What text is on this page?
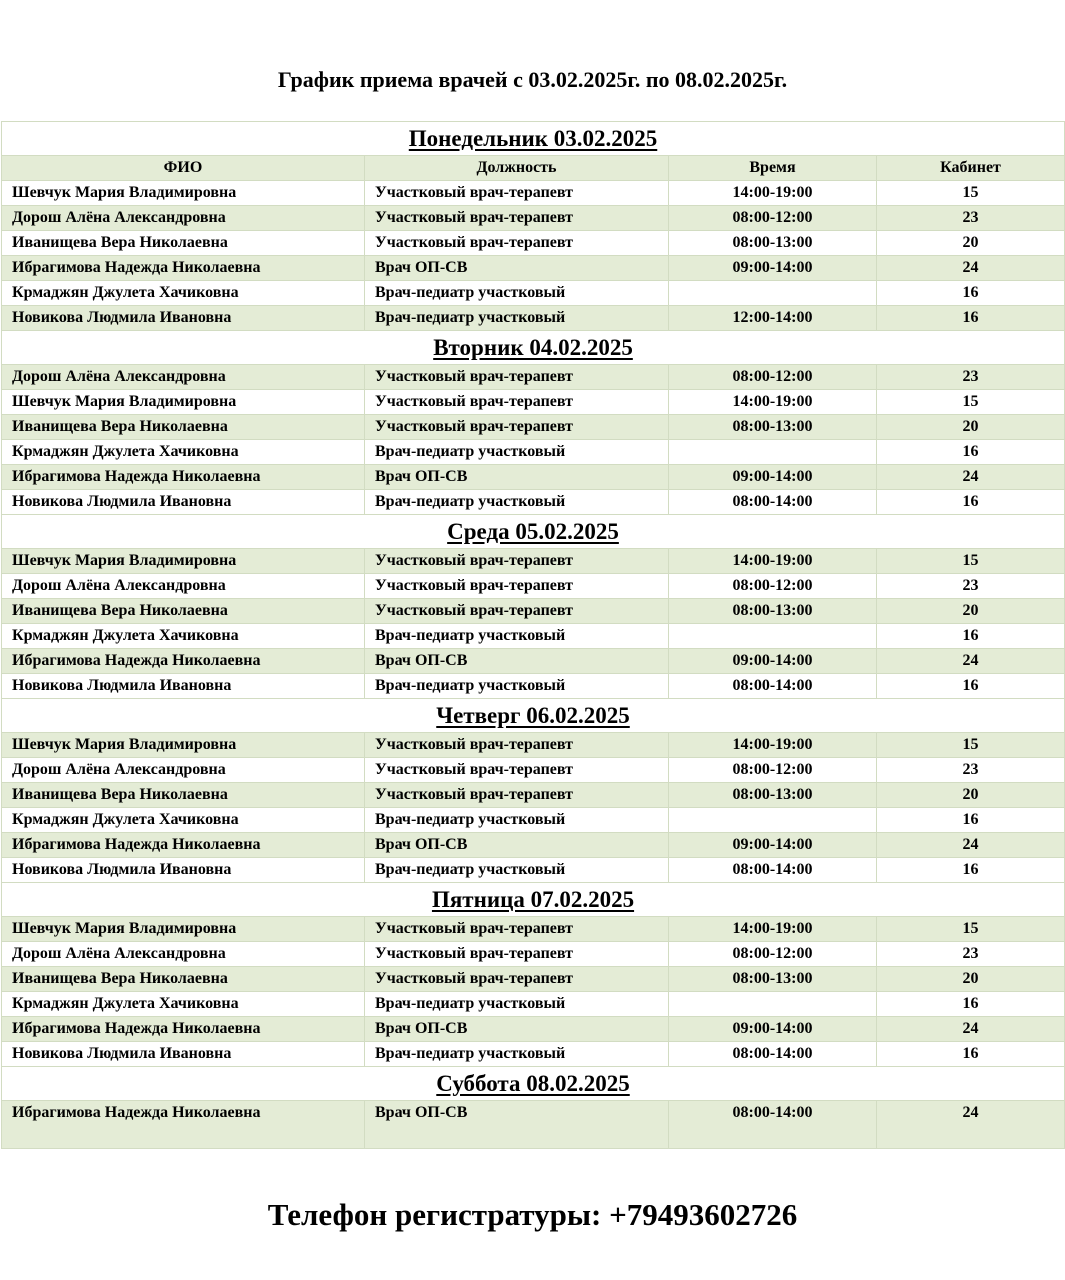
График приема врачей с 03.02.2025г. по 08.02.2025г.
Понедельник 03.02.2025			
ФИО	Должность	Время	Кабинет
Шевчук Мария Владимировна	Участковый врач-терапевт	14:00-19:00	15
Дорош Алёна Александровна	Участковый врач-терапевт	08:00-12:00	23
Иванищева Вера Николаевна	Участковый врач-терапевт	08:00-13:00	20
Ибрагимова Надежда Николаевна	Врач ОП-СВ	09:00-14:00	24
Крмаджян Джулета Хачиковна	Врач-педиатр участковый		16
Новикова Людмила Ивановна	Врач-педиатр участковый	12:00-14:00	16
Вторник 04.02.2025			
Дорош Алёна Александровна	Участковый врач-терапевт	08:00-12:00	23
Шевчук Мария Владимировна	Участковый врач-терапевт	14:00-19:00	15
Иванищева Вера Николаевна	Участковый врач-терапевт	08:00-13:00	20
Крмаджян Джулета Хачиковна	Врач-педиатр участковый		16
Ибрагимова Надежда Николаевна	Врач ОП-СВ	09:00-14:00	24
Новикова Людмила Ивановна	Врач-педиатр участковый	08:00-14:00	16
Среда 05.02.2025			
Шевчук Мария Владимировна	Участковый врач-терапевт	14:00-19:00	15
Дорош Алёна Александровна	Участковый врач-терапевт	08:00-12:00	23
Иванищева Вера Николаевна	Участковый врач-терапевт	08:00-13:00	20
Крмаджян Джулета Хачиковна	Врач-педиатр участковый		16
Ибрагимова Надежда Николаевна	Врач ОП-СВ	09:00-14:00	24
Новикова Людмила Ивановна	Врач-педиатр участковый	08:00-14:00	16
Четверг 06.02.2025			
Шевчук Мария Владимировна	Участковый врач-терапевт	14:00-19:00	15
Дорош Алёна Александровна	Участковый врач-терапевт	08:00-12:00	23
Иванищева Вера Николаевна	Участковый врач-терапевт	08:00-13:00	20
Крмаджян Джулета Хачиковна	Врач-педиатр участковый		16
Ибрагимова Надежда Николаевна	Врач ОП-СВ	09:00-14:00	24
Новикова Людмила Ивановна	Врач-педиатр участковый	08:00-14:00	16
Пятница 07.02.2025			
Шевчук Мария Владимировна	Участковый врач-терапевт	14:00-19:00	15
Дорош Алёна Александровна	Участковый врач-терапевт	08:00-12:00	23
Иванищева Вера Николаевна	Участковый врач-терапевт	08:00-13:00	20
Крмаджян Джулета Хачиковна	Врач-педиатр участковый		16
Ибрагимова Надежда Николаевна	Врач ОП-СВ	09:00-14:00	24
Новикова Людмила Ивановна	Врач-педиатр участковый	08:00-14:00	16
Суббота 08.02.2025			

Ибрагимова Надежда Николаевна	Врач ОП-СВ	08:00-14:00	24
Телефон регистратуры: +79493602726
